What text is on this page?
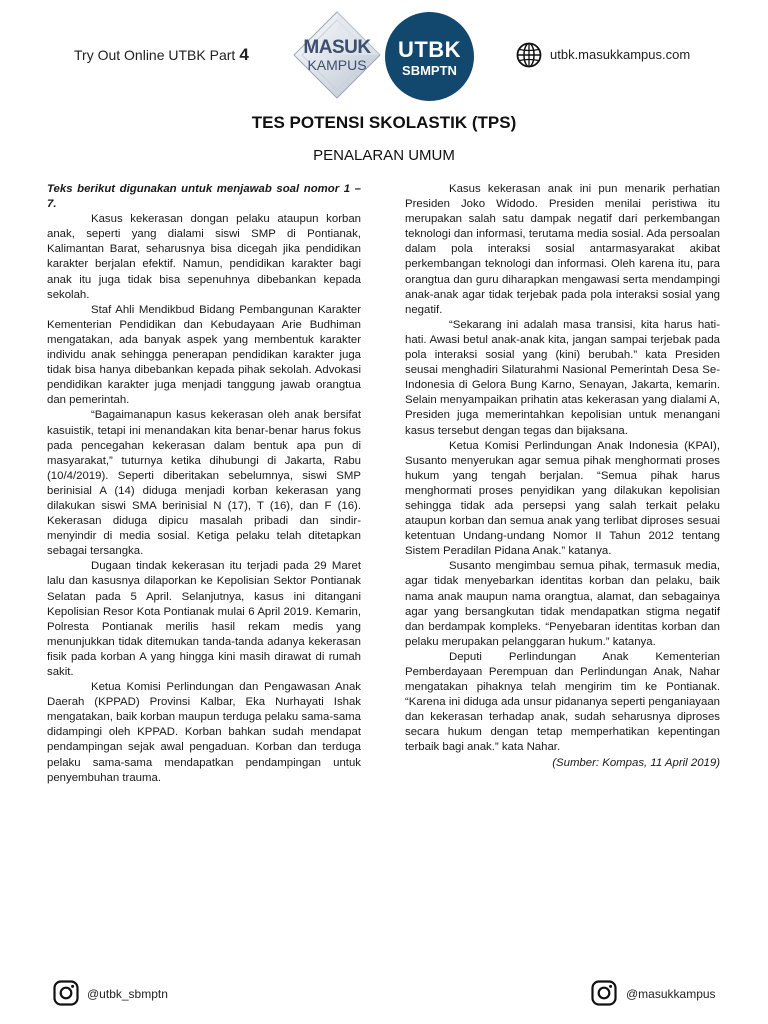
Try Out Online UTBK Part 4	MASUK
KAMPUS
UTBK
SBMPTN
utbk.masukkampus.com
TES POTENSI SKOLASTIK (TPS)
PENALARAN UMUM

Teks berikut digunakan untuk menjawab soal nomor 1 – 7.

Kasus kekerasan dongan pelaku ataupun korban anak, seperti yang dialami siswi SMP di Pontianak, Kalimantan Barat, seharusnya bisa dicegah jika pendidikan karakter berjalan efektif. Namun, pendidikan karakter bagi anak itu juga tidak bisa sepenuhnya dibebankan kepada sekolah.

Staf Ahli Mendikbud Bidang Pembangunan Karakter Kementerian Pendidikan dan Kebudayaan Arie Budhiman mengatakan, ada banyak aspek yang membentuk karakter individu anak sehingga penerapan pendidikan karakter juga tidak bisa hanya dibebankan kepada pihak sekolah. Advokasi pendidikan karakter juga menjadi tanggung jawab orangtua dan pemerintah.

“Bagaimanapun kasus kekerasan oleh anak bersifat kasuistik, tetapi ini menandakan kita benar-benar harus fokus pada pencegahan kekerasan dalam bentuk apa pun di masyarakat,” tuturnya ketika dihubungi di Jakarta, Rabu (10/4/2019). Seperti diberitakan sebelumnya, siswi SMP berinisial A (14) diduga menjadi korban kekerasan yang dilakukan siswi SMA berinisial N (17), T (16), dan F (16). Kekerasan diduga dipicu masalah pribadi dan sindir-menyindir di media sosial. Ketiga pelaku telah ditetapkan sebagai tersangka.

Dugaan tindak kekerasan itu terjadi pada 29 Maret lalu dan kasusnya dilaporkan ke Kepolisian Sektor Pontianak Selatan pada 5 April. Selanjutnya, kasus ini ditangani Kepolisian Resor Kota Pontianak mulai 6 April 2019. Kemarin, Polresta Pontianak merilis hasil rekam medis yang menunjukkan tidak ditemukan tanda-tanda adanya kekerasan fisik pada korban A yang hingga kini masih dirawat di rumah sakit.

Ketua Komisi Perlindungan dan Pengawasan Anak Daerah (KPPAD) Provinsi Kalbar, Eka Nurhayati Ishak mengatakan, baik korban maupun terduga pelaku sama-sama didampingi oleh KPPAD. Korban bahkan sudah mendapat pendampingan sejak awal pengaduan. Korban dan terduga pelaku sama-sama mendapatkan pendampingan untuk penyembuhan trauma.

Kasus kekerasan anak ini pun menarik perhatian Presiden Joko Widodo. Presiden menilai peristiwa itu merupakan salah satu dampak negatif dari perkembangan teknologi dan informasi, terutama media sosial. Ada persoalan dalam pola interaksi sosial antarmasyarakat akibat perkembangan teknologi dan informasi. Oleh karena itu, para orangtua dan guru diharapkan mengawasi serta mendampingi anak-anak agar tidak terjebak pada pola interaksi sosial yang negatif.

“Sekarang ini adalah masa transisi, kita harus hati-hati. Awasi betul anak-anak kita, jangan sampai terjebak pada pola interaksi sosial yang (kini) berubah.” kata Presiden seusai menghadiri Silaturahmi Nasional Pemerintah Desa Se-Indonesia di Gelora Bung Karno, Senayan, Jakarta, kemarin. Selain menyampaikan prihatin atas kekerasan yang dialami A, Presiden juga memerintahkan kepolisian untuk menangani kasus tersebut dengan tegas dan bijaksana.

Ketua Komisi Perlindungan Anak Indonesia (KPAI), Susanto menyerukan agar semua pihak menghormati proses hukum yang tengah berjalan. “Semua pihak harus menghormati proses penyidikan yang dilakukan kepolisian sehingga tidak ada persepsi yang salah terkait pelaku ataupun korban dan semua anak yang terlibat diproses sesuai ketentuan Undang-undang Nomor II Tahun 2012 tentang Sistem Peradilan Pidana Anak.” katanya.

Susanto mengimbau semua pihak, termasuk media, agar tidak menyebarkan identitas korban dan pelaku, baik nama anak maupun nama orangtua, alamat, dan sebagainya agar yang bersangkutan tidak mendapatkan stigma negatif dan berdampak kompleks. “Penyebaran identitas korban dan pelaku merupakan pelanggaran hukum.” katanya.

Deputi Perlindungan Anak Kementerian Pemberdayaan Perempuan dan Perlindungan Anak, Nahar mengatakan pihaknya telah mengirim tim ke Pontianak. “Karena ini diduga ada unsur pidananya seperti penganiayaan dan kekerasan terhadap anak, sudah seharusnya diproses secara hukum dengan tetap memperhatikan kepentingan terbaik bagi anak.” kata Nahar.

(Sumber: Kompas, 11 April 2019)

@utbk_sbmptn	@masukkampus
